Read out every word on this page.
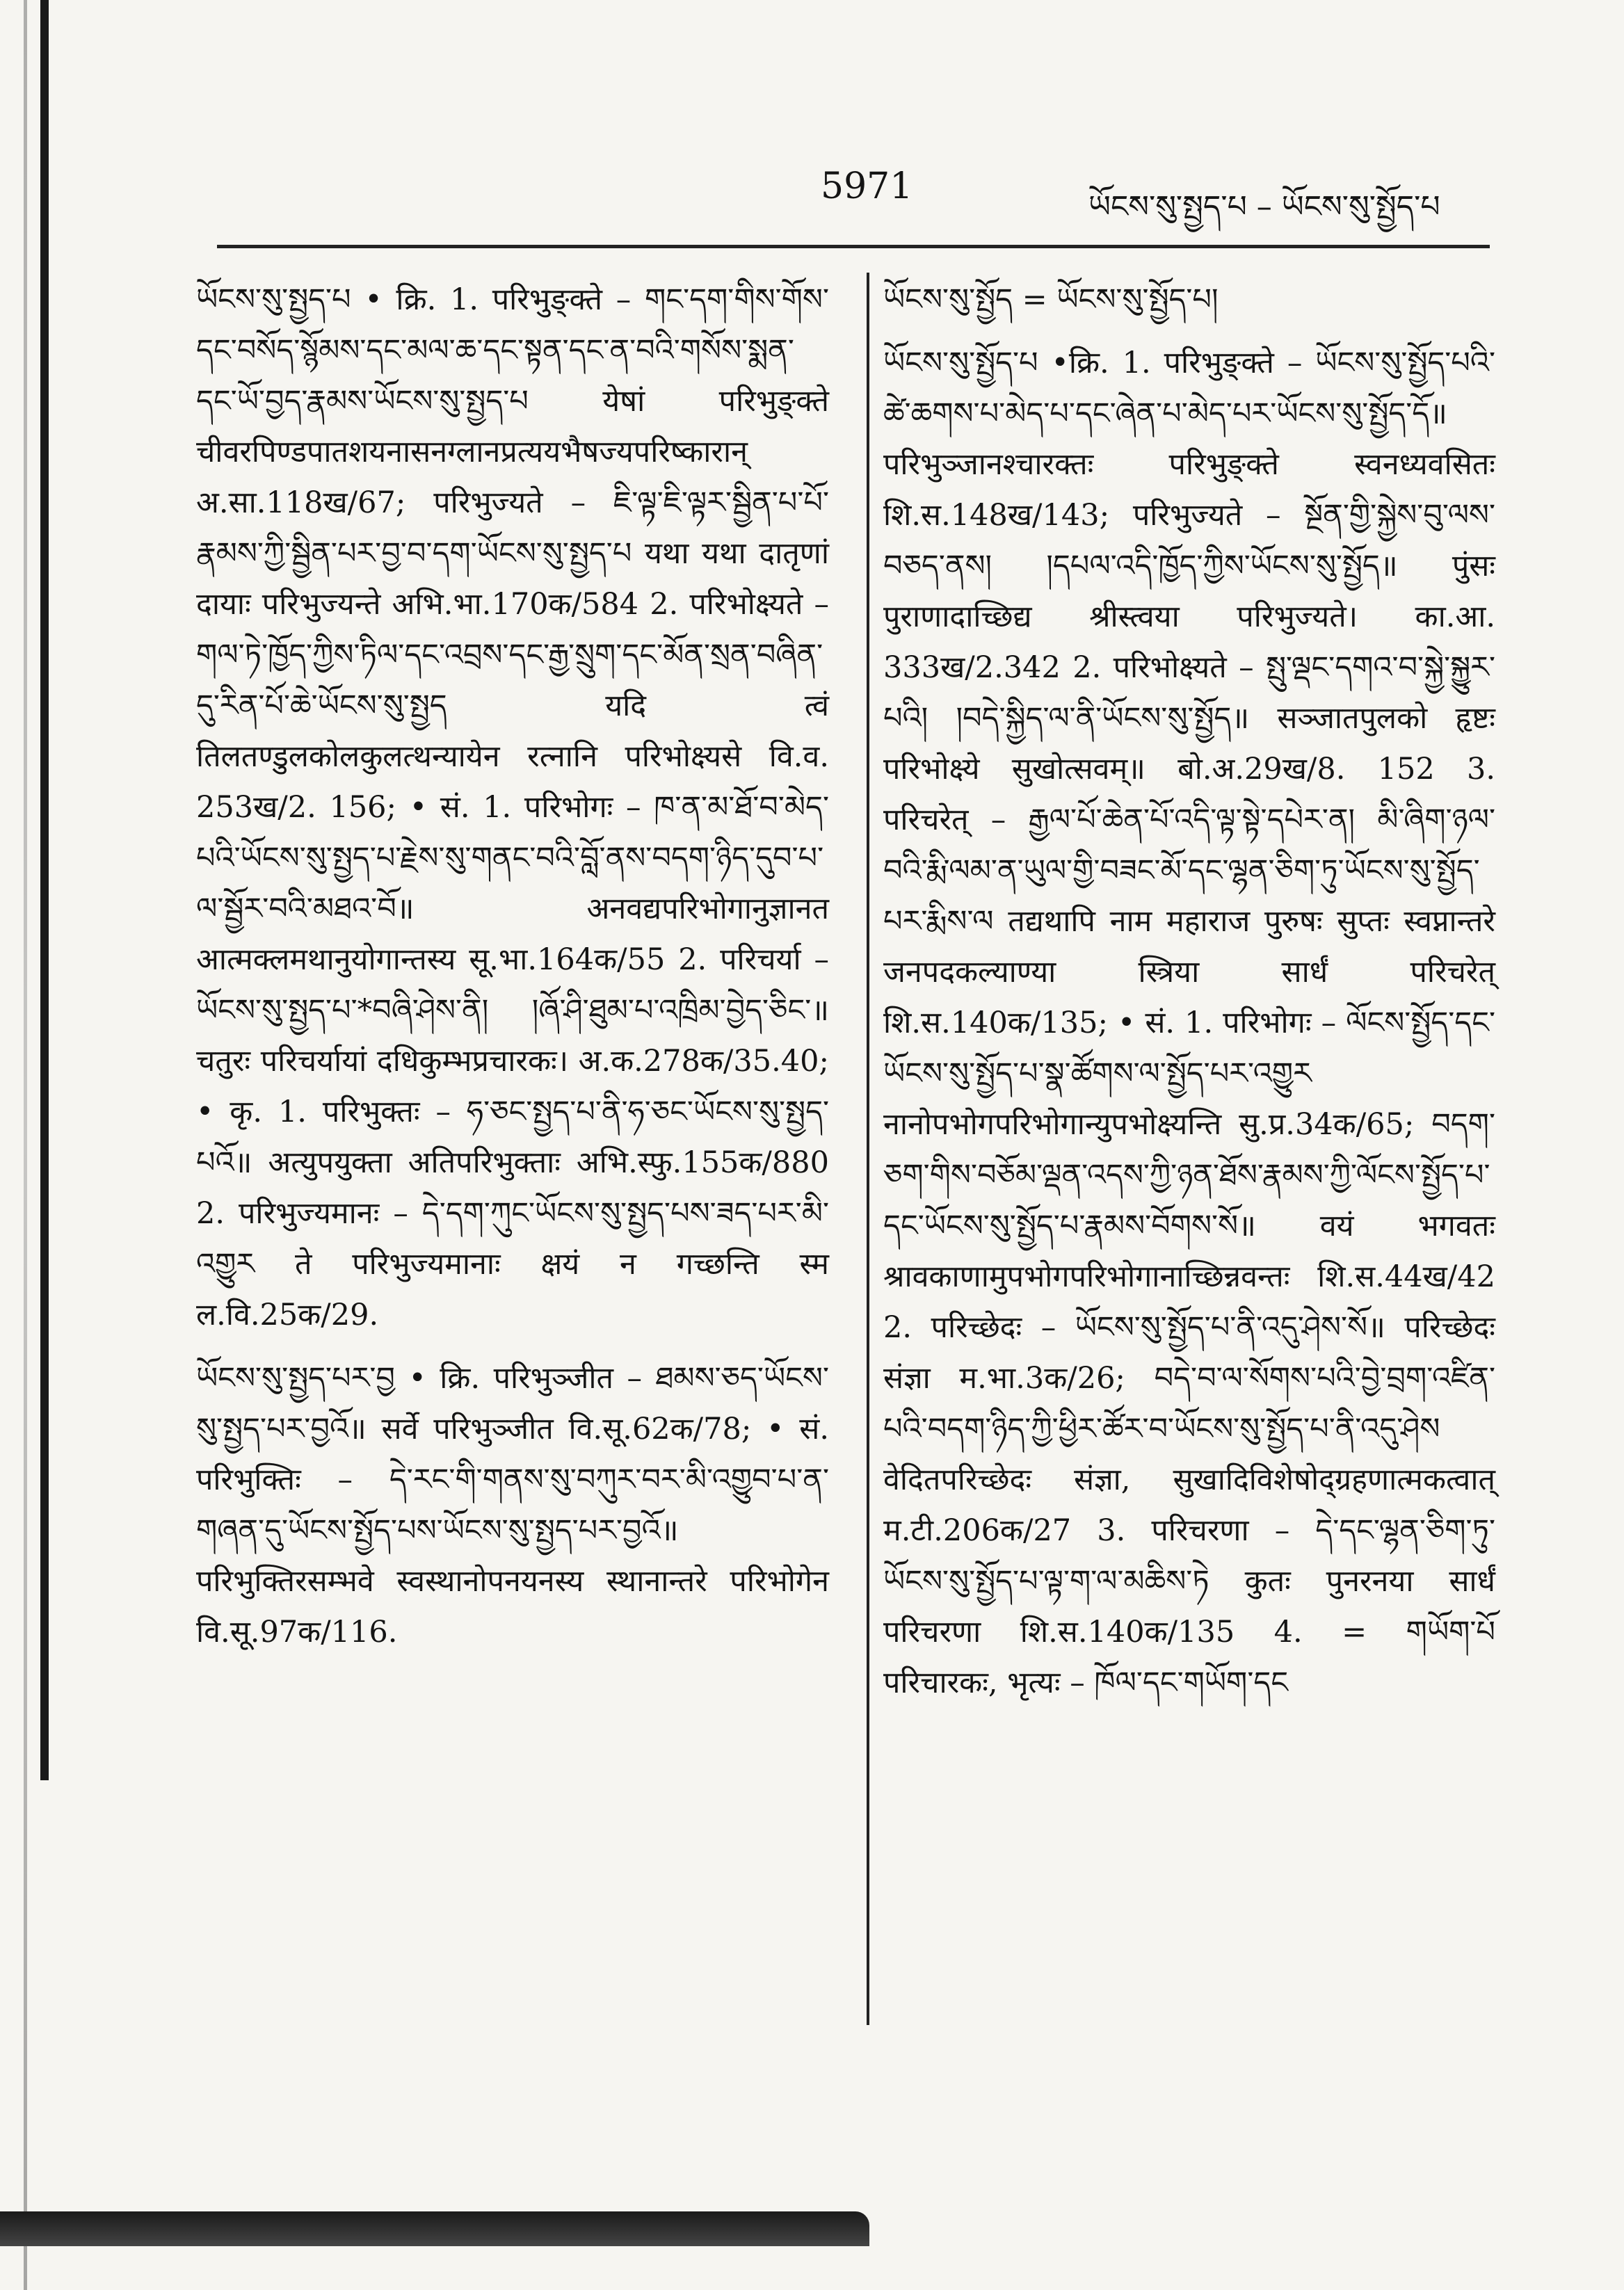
5971	ཡོངས་སུ་སྤྱད་པ – ཡོངས་སུ་སྤྱོད་པ

ཡོངས་སུ་སྤྱད་པ • क्रि. 1. परिभुङ्क्ते – གང་དག་གིས་གོས་དང་བསོད་སྙོམས་དང་མལ་ཆ་དང་སྟན་དང་ན་བའི་གསོས་སྨན་དང་ཡོ་བྱད་རྣམས་ཡོངས་སུ་སྤྱད་པ येषां परिभुङ्क्ते चीवरपिण्डपातशयनासनग्लानप्रत्ययभैषज्यपरिष्कारान् अ.सा.118ख/67; परिभुज्यते – ཇི་ལྟ་ཇི་ལྟར་སྦྱིན་པ་པོ་རྣམས་ཀྱི་སྦྱིན་པར་བྱ་བ་དག་ཡོངས་སུ་སྤྱད་པ यथा यथा दातृणां दायाः परिभुज्यन्ते अभि.भा.170क/584 2. परिभोक्ष्यते – གལ་ཏེ་ཁྱོད་ཀྱིས་ཏིལ་དང་འབྲས་དང་རྒྱ་སྲུག་དང་མོན་སྲན་བཞིན་དུ་རིན་པོ་ཆེ་ཡོངས་སུ་སྤྱད यदि त्वं तिलतण्डुलकोलकुलत्थन्यायेन रत्नानि परिभोक्ष्यसे वि.व. 253ख/2. 156; • सं. 1. परिभोगः – ཁ་ན་མ་ཐོ་བ་མེད་པའི་ཡོངས་སུ་སྤྱད་པ་རྗེས་སུ་གནང་བའི་བློ་ནས་བདག་ཉིད་དུབ་པ་ལ་སྦྱོར་བའི་མཐའ་བོ॥ अनवद्यपरिभोगानुज्ञानत आत्मक्लमथानुयोगान्तस्य सू.भा.164क/55 2. परिचर्या – ཡོངས་སུ་སྤྱད་པ་*བཞི་ཤེས་ནི། །ཞོ་ཤི་ཐུམ་པ་འཁྲིམ་བྱེད་ཅིང་॥ चतुरः परिचर्यायां दधिकुम्भप्रचारकः। अ.क.278क/35.40; • कृ. 1. परिभुक्तः – ཧ་ཅང་སྤྱད་པ་ནི་ཧ་ཅང་ཡོངས་སུ་སྤྱད་པའོ॥ अत्युपयुक्ता अतिपरिभुक्ताः अभि.स्फु.155क/880 2. परिभुज्यमानः – དེ་དག་ཀུང་ཡོངས་སུ་སྤྱད་པས་ཟད་པར་མི་འགྱུར ते परिभुज्यमानाः क्षयं न गच्छन्ति स्म ल.वि.25क/29.

ཡོངས་སུ་སྤྱད་པར་བྱ • क्रि. परिभुञ्जीत – ཐམས་ཅད་ཡོངས་སུ་སྤྱད་པར་བྱའོ॥ सर्वे परिभुञ्जीत वि.सू.62क/78; • सं. परिभुक्तिः – དེ་རང་གི་གནས་སུ་བཀུར་བར་མི་འགྱུབ་པ་ན་གཞན་དུ་ཡོངས་སྤྱོད་པས་ཡོངས་སུ་སྤྱད་པར་བྱའོ॥ परिभुक्तिरसम्भवे स्वस्थानोपनयनस्य स्थानान्तरे परिभोगेन वि.सू.97क/116.

ཡོངས་སུ་སྤྱོད = ཡོངས་སུ་སྤྱོད་པ།

ཡོངས་སུ་སྤྱོད་པ •क्रि. 1. परिभुङ्क्ते – ཡོངས་སུ་སྤྱོད་པའི་ཚེ་ཆགས་པ་མེད་པ་དང་ཞེན་པ་མེད་པར་ཡོངས་སུ་སྤྱོད་དོ॥ परिभुञ्जानश्चारक्तः परिभुङ्क्ते स्वनध्यवसितः शि.स.148ख/143; परिभुज्यते – སྔོན་གྱི་སྐྱེས་བུ་ལས་བཅད་ནས། །དཔལ་འདི་ཁྱོད་ཀྱིས་ཡོངས་སུ་སྤྱོད॥ पुंसः पुराणादाच्छिद्य श्रीस्त्वया परिभुज्यते। का.आ. 333ख/2.342 2. परिभोक्ष्यते – སྤུ་ལྡང་དགའ་བ་སྐྱེ་སྐྱུར་པའི། །བདེ་སྐྱིད་ལ་ནི་ཡོངས་སུ་སྤྱོད॥ सञ्जातपुलको हृष्टः परिभोक्ष्ये सुखोत्सवम्॥ बो.अ.29ख/8. 152 3. परिचरेत् – རྒྱལ་པོ་ཆེན་པོ་འདི་ལྟ་སྟེ་དཔེར་ན། མི་ཞིག་ཉལ་བའི་རྨི་ལམ་ན་ཡུལ་གྱི་བཟང་མོ་དང་ལྷན་ཅིག་ཏུ་ཡོངས་སུ་སྤྱོད་པར་རྨིས་ལ तद्यथापि नाम महाराज पुरुषः सुप्तः स्वप्नान्तरे जनपदकल्याण्या स्त्रिया सार्धं परिचरेत् शि.स.140क/135; • सं. 1. परिभोगः – ལོངས་སྤྱོད་དང་ཡོངས་སུ་སྤྱོད་པ་སྣ་ཚོགས་ལ་སྤྱོད་པར་འགྱུར नानोपभोगपरिभोगान्युपभोक्ष्यन्ति सु.प्र.34क/65; བདག་ཅག་གིས་བཅོམ་ལྡན་འདས་ཀྱི་ཉན་ཐོས་རྣམས་ཀྱི་ལོངས་སྤྱོད་པ་དང་ཡོངས་སུ་སྤྱོད་པ་རྣམས་བོགས་སོ॥ वयं भगवतः श्रावकाणामुपभोगपरिभोगानाच्छिन्नवन्तः शि.स.44ख/42 2. परिच्छेदः – ཡོངས་སུ་སྤྱོད་པ་ནི་འདུ་ཤེས་སོ॥ परिच्छेदः संज्ञा म.भा.3क/26; བདེ་བ་ལ་སོགས་པའི་བྱེ་བྲག་འཛིན་པའི་བདག་ཉིད་ཀྱི་ཕྱིར་ཚོར་བ་ཡོངས་སུ་སྤྱོད་པ་ནི་འདུ་ཤེས वेदितपरिच्छेदः संज्ञा, सुखादिविशेषोद्ग्रहणात्मकत्वात् म.टी.206क/27 3. परिचरणा – དེ་དང་ལྷན་ཅིག་ཏུ་ཡོངས་སུ་སྤྱོད་པ་ལྟ་ག་ལ་མཆིས་ཏེ कुतः पुनरनया सार्धं परिचरणा शि.स.140क/135 4. = གཡོག་པོ परिचारकः, भृत्यः – ཁོལ་དང་གཡོག་དང
